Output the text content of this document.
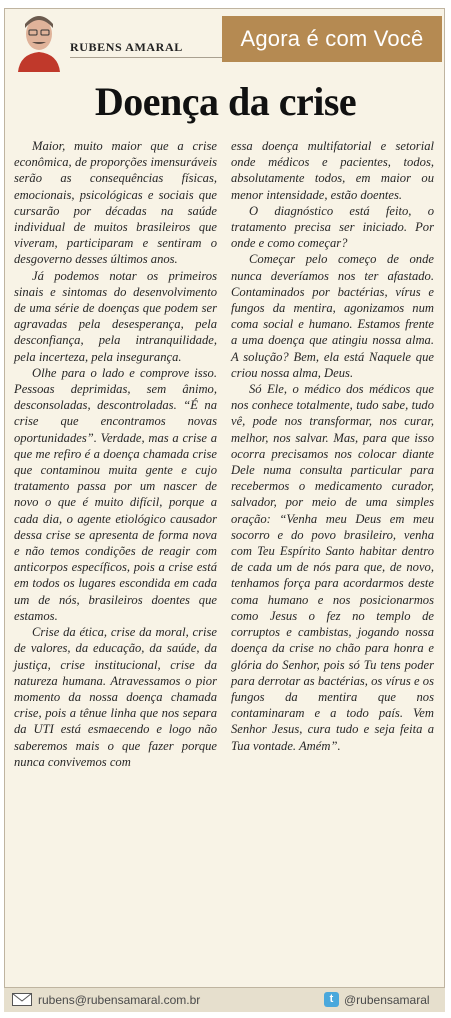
RUBENS AMARAL	Agora é com Você
Doença da crise

Maior, muito maior que a crise econômica, de proporções imensuráveis serão as consequências físicas, emocionais, psicológicas e sociais que cursarão por décadas na saúde individual de muitos brasileiros que viveram, participaram e sentiram o desgoverno desses últimos anos.

Já podemos notar os primeiros sinais e sintomas do desenvolvimento de uma série de doenças que podem ser agravadas pela desesperança, pela desconfiança, pela intranquilidade, pela incerteza, pela insegurança.

Olhe para o lado e comprove isso. Pessoas deprimidas, sem ânimo, desconsoladas, descontroladas. “É na crise que encontramos novas oportunidades”. Verdade, mas a crise a que me refiro é a doença chamada crise que contaminou muita gente e cujo tratamento passa por um nascer de novo o que é muito difícil, porque a cada dia, o agente etiológico causador dessa crise se apresenta de forma nova e não temos condições de reagir com anticorpos específicos, pois a crise está em todos os lugares escondida em cada um de nós, brasileiros doentes que estamos.

Crise da ética, crise da moral, crise de valores, da educação, da saúde, da justiça, crise institucional, crise da natureza humana. Atravessamos o pior momento da nossa doença chamada crise, pois a tênue linha que nos separa da UTI está esmaecendo e logo não saberemos mais o que fazer porque nunca convivemos com

essa doença multifatorial e setorial onde médicos e pacientes, todos, absolutamente todos, em maior ou menor intensidade, estão doentes.

O diagnóstico está feito, o tratamento precisa ser iniciado. Por onde e como começar?

Começar pelo começo de onde nunca deveríamos nos ter afastado. Contaminados por bactérias, vírus e fungos da mentira, agonizamos num coma social e humano. Estamos frente a uma doença que atingiu nossa alma. A solução? Bem, ela está Naquele que criou nossa alma, Deus.

Só Ele, o médico dos médicos que nos conhece totalmente, tudo sabe, tudo vê, pode nos transformar, nos curar, melhor, nos salvar. Mas, para que isso ocorra precisamos nos colocar diante Dele numa consulta particular para recebermos o medicamento curador, salvador, por meio de uma simples oração: “Venha meu Deus em meu socorro e do povo brasileiro, venha com Teu Espírito Santo habitar dentro de cada um de nós para que, de novo, tenhamos força para acordarmos deste coma humano e nos posicionarmos como Jesus o fez no templo de corruptos e cambistas, jogando nossa doença da crise no chão para honra e glória do Senhor, pois só Tu tens poder para derrotar as bactérias, os vírus e os fungos da mentira que nos contaminaram e a todo país. Vem Senhor Jesus, cura tudo e seja feita a Tua vontade. Amém”.

rubens@rubensamaral.com.br	t @rubensamaral
